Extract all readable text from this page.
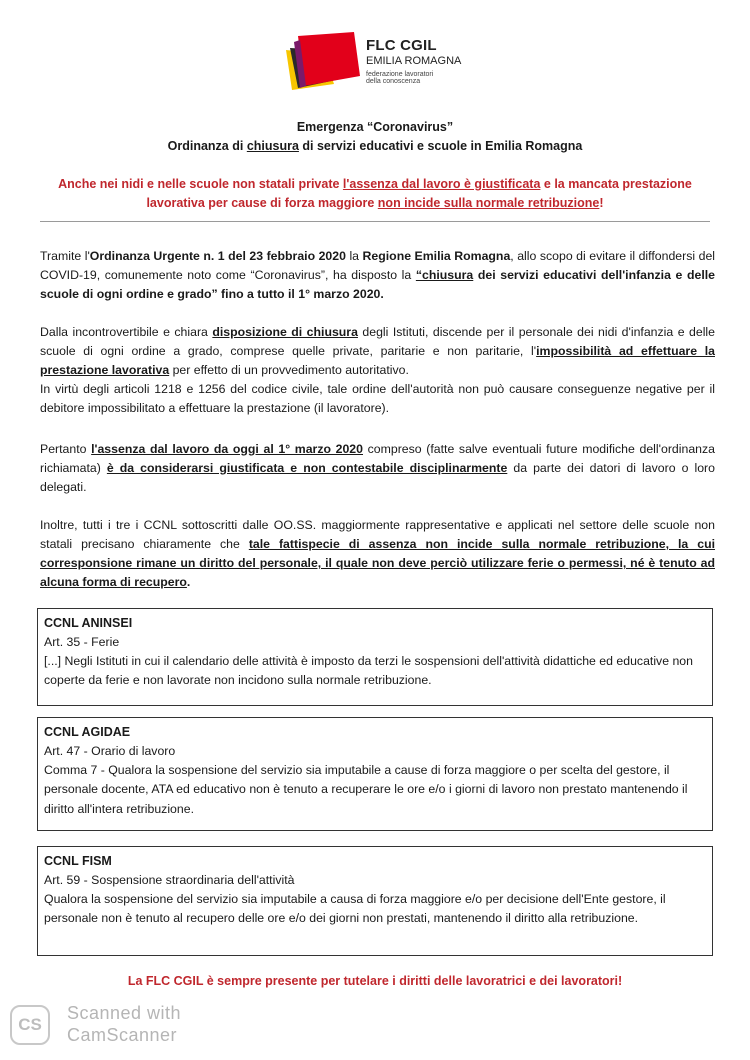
FLC CGIL
EMILIA ROMAGNA
federazione lavoratori
della conoscenza
Emergenza “Coronavirus”
Ordinanza di chiusura di servizi educativi e scuole in Emilia Romagna
Anche nei nidi e nelle scuole non statali private l'assenza dal lavoro è giustificata e la mancata prestazione lavorativa per cause di forza maggiore non incide sulla normale retribuzione!
Tramite l'Ordinanza Urgente n. 1 del 23 febbraio 2020 la Regione Emilia Romagna, allo scopo di evitare il diffondersi del COVID-19, comunemente noto come “Coronavirus”, ha disposto la “chiusura dei servizi educativi dell'infanzia e delle scuole di ogni ordine e grado” fino a tutto il 1° marzo 2020.
Dalla incontrovertibile e chiara disposizione di chiusura degli Istituti, discende per il personale dei nidi d'infanzia e delle scuole di ogni ordine a grado, comprese quelle private, paritarie e non paritarie, l'impossibilità ad effettuare la prestazione lavorativa per effetto di un provvedimento autoritativo.
In virtù degli articoli 1218 e 1256 del codice civile, tale ordine dell'autorità non può causare conseguenze negative per il debitore impossibilitato a effettuare la prestazione (il lavoratore).
Pertanto l'assenza dal lavoro da oggi al 1° marzo 2020 compreso (fatte salve eventuali future modifiche dell'ordinanza richiamata) è da considerarsi giustificata e non contestabile disciplinarmente da parte dei datori di lavoro o loro delegati.
Inoltre, tutti i tre i CCNL sottoscritti dalle OO.SS. maggiormente rappresentative e applicati nel settore delle scuole non statali precisano chiaramente che tale fattispecie di assenza non incide sulla normale retribuzione, la cui corresponsione rimane un diritto del personale, il quale non deve perciò utilizzare ferie o permessi, né è tenuto ad alcuna forma di recupero.
CCNL ANINSEI
Art. 35 - Ferie
[...] Negli Istituti in cui il calendario delle attività è imposto da terzi le sospensioni dell'attività didattiche ed educative non coperte da ferie e non lavorate non incidono sulla normale retribuzione.
CCNL AGIDAE
Art. 47 - Orario di lavoro
Comma 7 - Qualora la sospensione del servizio sia imputabile a cause di forza maggiore o per scelta del gestore, il personale docente, ATA ed educativo non è tenuto a recuperare le ore e/o i giorni di lavoro non prestato mantenendo il diritto all'intera retribuzione.
CCNL FISM
Art. 59 - Sospensione straordinaria dell'attività
Qualora la sospensione del servizio sia imputabile a causa di forza maggiore e/o per decisione dell'Ente gestore, il personale non è tenuto al recupero delle ore e/o dei giorni non prestati, mantenendo il diritto alla retribuzione.
La FLC CGIL è sempre presente per tutelare i diritti delle lavoratrici e dei lavoratori!
CS
Scanned with
CamScanner
